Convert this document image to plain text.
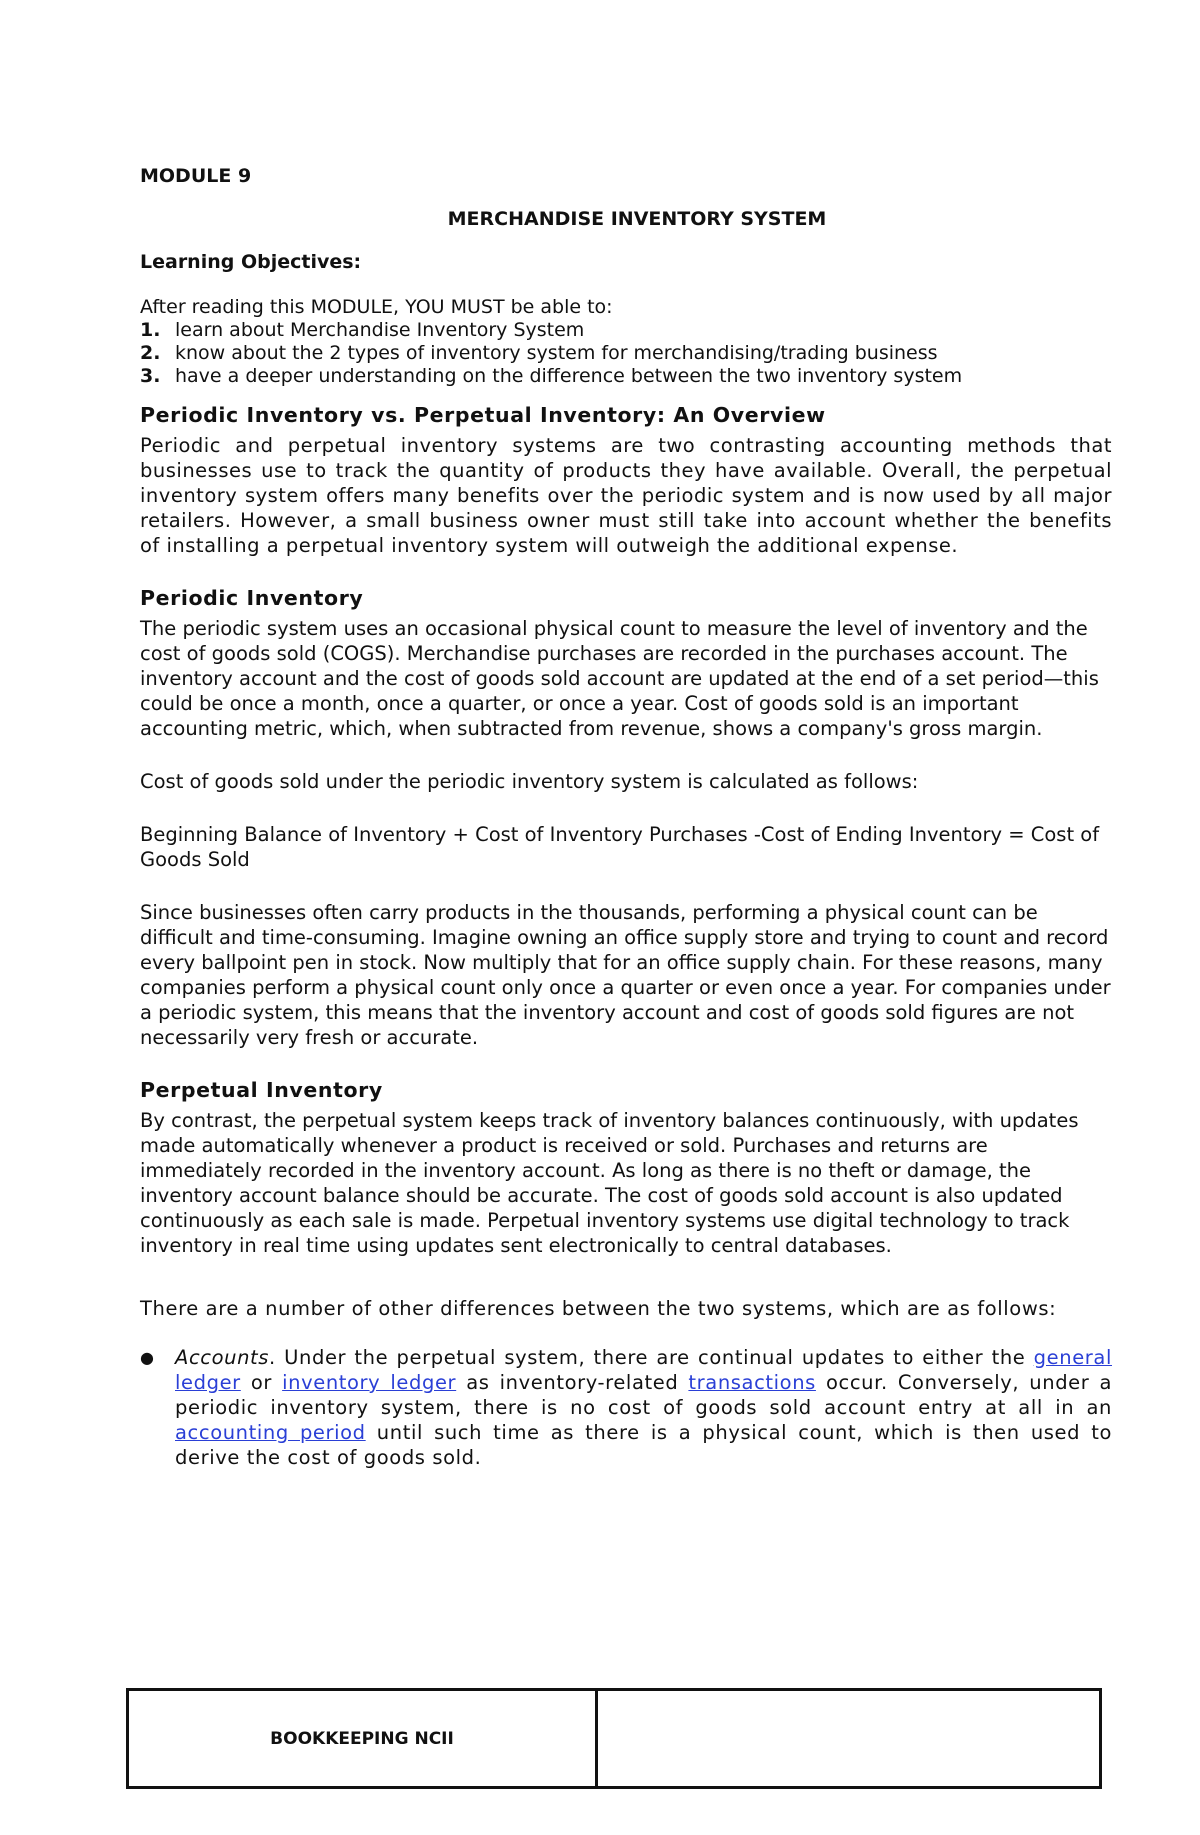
MODULE 9
MERCHANDISE INVENTORY SYSTEM
Learning Objectives:

After reading this MODULE, YOU MUST be able to:

1. learn about Merchandise Inventory System
2. know about the 2 types of inventory system for merchandising/trading business
3. have a deeper understanding on the difference between the two inventory system
Periodic Inventory vs. Perpetual Inventory: An Overview

Periodic and perpetual inventory systems are two contrasting accounting methods that businesses use to track the quantity of products they have available. Overall, the perpetual inventory system offers many benefits over the periodic system and is now used by all major retailers. However, a small business owner must still take into account whether the benefits of installing a perpetual inventory system will outweigh the additional expense.

Periodic Inventory

The periodic system uses an occasional physical count to measure the level of inventory and the cost of goods sold (COGS). Merchandise purchases are recorded in the purchases account. The inventory account and the cost of goods sold account are updated at the end of a set period—this could be once a month, once a quarter, or once a year. Cost of goods sold is an important accounting metric, which, when subtracted from revenue, shows a company's gross margin.

Cost of goods sold under the periodic inventory system is calculated as follows:

Beginning Balance of Inventory + Cost of Inventory Purchases -Cost of Ending Inventory = Cost of Goods Sold

Since businesses often carry products in the thousands, performing a physical count can be difficult and time-consuming. Imagine owning an office supply store and trying to count and record every ballpoint pen in stock. Now multiply that for an office supply chain. For these reasons, many companies perform a physical count only once a quarter or even once a year. For companies under a periodic system, this means that the inventory account and cost of goods sold figures are not necessarily very fresh or accurate.

Perpetual Inventory

By contrast, the perpetual system keeps track of inventory balances continuously, with updates made automatically whenever a product is received or sold. Purchases and returns are immediately recorded in the inventory account. As long as there is no theft or damage, the inventory account balance should be accurate. The cost of goods sold account is also updated continuously as each sale is made. Perpetual inventory systems use digital technology to track inventory in real time using updates sent electronically to central databases.

There are a number of other differences between the two systems, which are as follows:

●	Accounts. Under the perpetual system, there are continual updates to either the general ledger or inventory ledger as inventory-related transactions occur. Conversely, under a periodic inventory system, there is no cost of goods sold account entry at all in an accounting period until such time as there is a physical count, which is then used to derive the cost of goods sold.
BOOKKEEPING NCII
